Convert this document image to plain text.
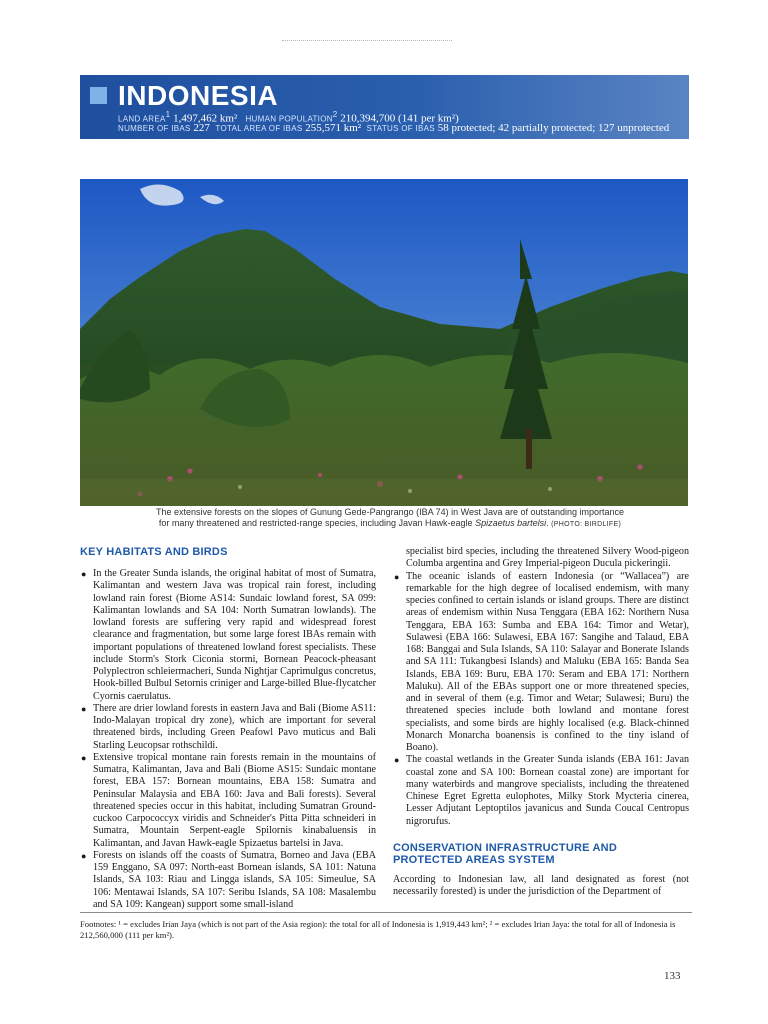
INDONESIA
LAND AREA$^1$ 1,497,462 km² HUMAN POPULATION$^2$ 210,394,700 (141 per km²)
NUMBER OF IBAS 227 TOTAL AREA OF IBAS 255,571 km² STATUS OF IBAS 58 protected; 42 partially protected; 127 unprotected
The extensive forests on the slopes of Gunung Gede-Pangrango (IBA 74) in West Java are of outstanding importance
for many threatened and restricted-range species, including Javan Hawk-eagle Spizaetus bartelsi. (PHOTO: BIRDLIFE)
KEY HABITATS AND BIRDS
● In the Greater Sunda islands, the original habitat of most of Sumatra, Kalimantan and western Java was tropical rain forest, including lowland rain forest (Biome AS14: Sundaic lowland forest, SA 099: Kalimantan lowlands and SA 104: North Sumatran lowlands). The lowland forests are suffering very rapid and widespread forest clearance and fragmentation, but some large forest IBAs remain with important populations of threatened lowland forest specialists. These include Storm's Stork Ciconia stormi, Bornean Peacock-pheasant Polyplectron schleiermacheri, Sunda Nightjar Caprimulgus concretus, Hook-billed Bulbul Setornis criniger and Large-billed Blue-flycatcher Cyornis caerulatus.
● There are drier lowland forests in eastern Java and Bali (Biome AS11: Indo-Malayan tropical dry zone), which are important for several threatened birds, including Green Peafowl Pavo muticus and Bali Starling Leucopsar rothschildi.
● Extensive tropical montane rain forests remain in the mountains of Sumatra, Kalimantan, Java and Bali (Biome AS15: Sundaic montane forest, EBA 157: Bornean mountains, EBA 158: Sumatra and Peninsular Malaysia and EBA 160: Java and Bali forests). Several threatened species occur in this habitat, including Sumatran Ground-cuckoo Carpococcyx viridis and Schneider's Pitta Pitta schneideri in Sumatra, Mountain Serpent-eagle Spilornis kinabaluensis in Kalimantan, and Javan Hawk-eagle Spizaetus bartelsi in Java.
● Forests on islands off the coasts of Sumatra, Borneo and Java (EBA 159 Enggano, SA 097: North-east Bornean islands, SA 101: Natuna Islands, SA 103: Riau and Lingga islands, SA 105: Simeulue, SA 106: Mentawai Islands, SA 107: Seribu Islands, SA 108: Masalembu and SA 109: Kangean) support some small-island

specialist bird species, including the threatened Silvery Wood-pigeon Columba argentina and Grey Imperial-pigeon Ducula pickeringii.

● The oceanic islands of eastern Indonesia (or “Wallacea”) are remarkable for the high degree of localised endemism, with many species confined to certain islands or island groups. There are distinct areas of endemism within Nusa Tenggara (EBA 162: Northern Nusa Tenggara, EBA 163: Sumba and EBA 164: Timor and Wetar), Sulawesi (EBA 166: Sulawesi, EBA 167: Sangihe and Talaud, EBA 168: Banggai and Sula Islands, SA 110: Salayar and Bonerate Islands and SA 111: Tukangbesi Islands) and Maluku (EBA 165: Banda Sea Islands, EBA 169: Buru, EBA 170: Seram and EBA 171: Northern Maluku). All of the EBAs support one or more threatened species, and in several of them (e.g. Timor and Wetar; Sulawesi; Buru) the threatened species include both lowland and montane forest specialists, and some birds are highly localised (e.g. Black-chinned Monarch Monarcha boanensis is confined to the tiny island of Boano).
● The coastal wetlands in the Greater Sunda islands (EBA 161: Javan coastal zone and SA 100: Bornean coastal zone) are important for many waterbirds and mangrove specialists, including the threatened Chinese Egret Egretta eulophotes, Milky Stork Mycteria cinerea, Lesser Adjutant Leptoptilos javanicus and Sunda Coucal Centropus nigrorufus.
CONSERVATION INFRASTRUCTURE AND
PROTECTED AREAS SYSTEM

According to Indonesian law, all land designated as forest (not necessarily forested) is under the jurisdiction of the Department of

Footnotes: ¹ = excludes Irian Jaya (which is not part of the Asia region): the total for all of Indonesia is 1,919,443 km²; ² = excludes Irian Jaya: the total for all of Indonesia is 212,560,000 (111 per km²).
133
